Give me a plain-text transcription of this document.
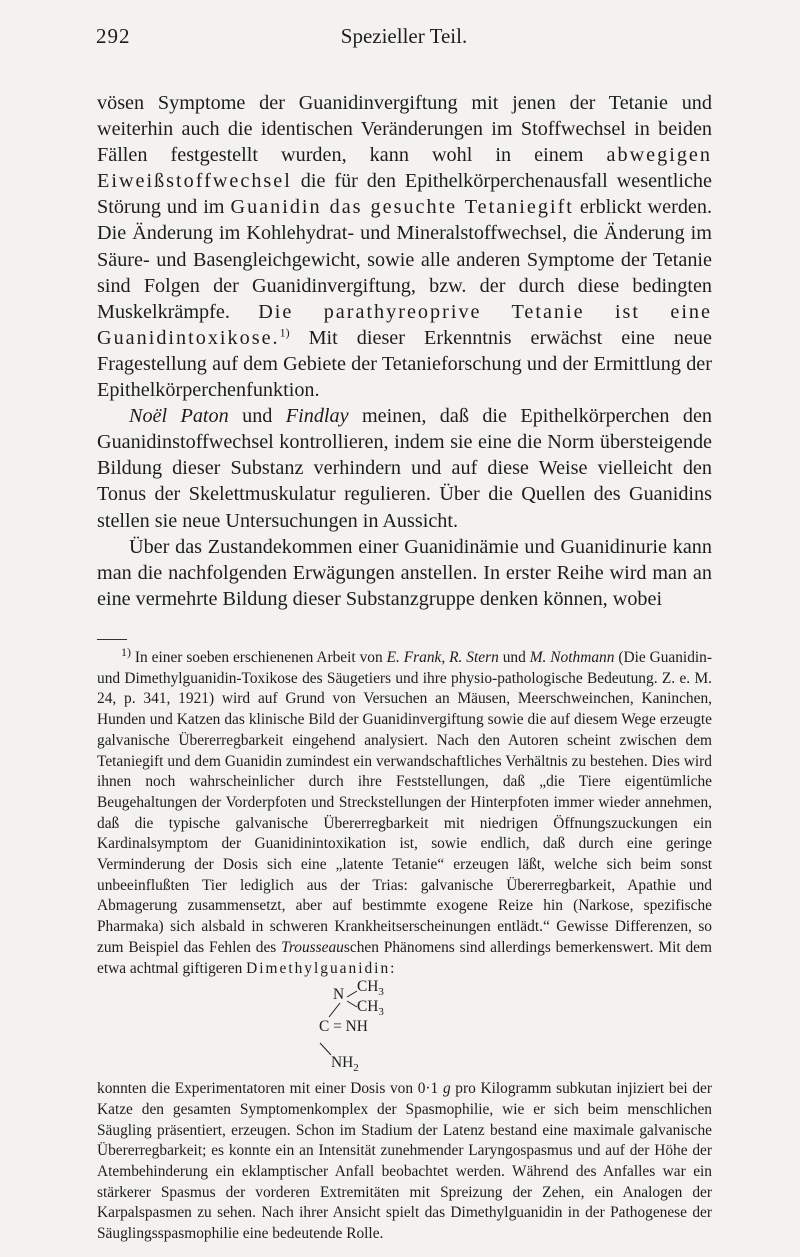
292	Spezieller Teil.

vösen Symptome der Guanidinvergiftung mit jenen der Tetanie und weiterhin auch die identischen Veränderungen im Stoffwechsel in beiden Fällen festgestellt wurden, kann wohl in einem abwegigen Eiweißstoffwechsel die für den Epithelkörperchenausfall wesentliche Störung und im Guanidin das gesuchte Tetaniegift erblickt werden. Die Änderung im Kohlehydrat- und Mineralstoffwechsel, die Änderung im Säure- und Basengleichgewicht, sowie alle anderen Symptome der Tetanie sind Folgen der Guanidinvergiftung, bzw. der durch diese bedingten Muskelkrämpfe. Die parathyreoprive Tetanie ist eine Guanidintoxikose.$^{1)}$ Mit dieser Erkenntnis erwächst eine neue Fragestellung auf dem Gebiete der Tetanieforschung und der Ermittlung der Epithelkörperchenfunktion.

Noël Paton und Findlay meinen, daß die Epithelkörperchen den Guanidinstoffwechsel kontrollieren, indem sie eine die Norm übersteigende Bildung dieser Substanz verhindern und auf diese Weise vielleicht den Tonus der Skelettmuskulatur regulieren. Über die Quellen des Guanidins stellen sie neue Untersuchungen in Aussicht.

Über das Zustandekommen einer Guanidinämie und Guanidinurie kann man die nachfolgenden Erwägungen anstellen. In erster Reihe wird man an eine vermehrte Bildung dieser Substanzgruppe denken können, wobei

$^{1)}$ In einer soeben erschienenen Arbeit von E. Frank, R. Stern und M. Nothmann (Die Guanidin- und Dimethylguanidin-Toxikose des Säugetiers und ihre physio-pathologische Bedeutung. Z. e. M. 24, p. 341, 1921) wird auf Grund von Versuchen an Mäusen, Meerschweinchen, Kaninchen, Hunden und Katzen das klinische Bild der Guanidinvergiftung sowie die auf diesem Wege erzeugte galvanische Übererregbarkeit eingehend analysiert. Nach den Autoren scheint zwischen dem Tetaniegift und dem Guanidin zumindest ein verwandschaftliches Verhältnis zu bestehen. Dies wird ihnen noch wahrscheinlicher durch ihre Feststellungen, daß „die Tiere eigentümliche Beugehaltungen der Vorderpfoten und Streckstellungen der Hinterpfoten immer wieder annehmen, daß die typische galvanische Übererregbarkeit mit niedrigen Öffnungszuckungen ein Kardinalsymptom der Guanidinintoxikation ist, sowie endlich, daß durch eine geringe Verminderung der Dosis sich eine „latente Tetanie“ erzeugen läßt, welche sich beim sonst unbeeinflußten Tier lediglich aus der Trias: galvanische Übererregbarkeit, Apathie und Abmagerung zusammensetzt, aber auf bestimmte exogene Reize hin (Narkose, spezifische Pharmaka) sich alsbald in schweren Krankheitserscheinungen entlädt.“ Gewisse Differenzen, so zum Beispiel das Fehlen des Trousseauschen Phänomens sind allerdings bemerkenswert. Mit dem etwa achtmal giftigeren Dimethylguanidin:

N $CH_3$
$CH_3$
C = NH
$NH_2$

konnten die Experimentatoren mit einer Dosis von 0·1 g pro Kilogramm subkutan injiziert bei der Katze den gesamten Symptomenkomplex der Spasmophilie, wie er sich beim menschlichen Säugling präsentiert, erzeugen. Schon im Stadium der Latenz bestand eine maximale galvanische Übererregbarkeit; es konnte ein an Intensität zunehmender Laryngospasmus und auf der Höhe der Atembehinderung ein eklamptischer Anfall beobachtet werden. Während des Anfalles war ein stärkerer Spasmus der vorderen Extremitäten mit Spreizung der Zehen, ein Analogen der Karpalspasmen zu sehen. Nach ihrer Ansicht spielt das Dimethylguanidin in der Pathogenese der Säuglingsspasmophilie eine bedeutende Rolle.
